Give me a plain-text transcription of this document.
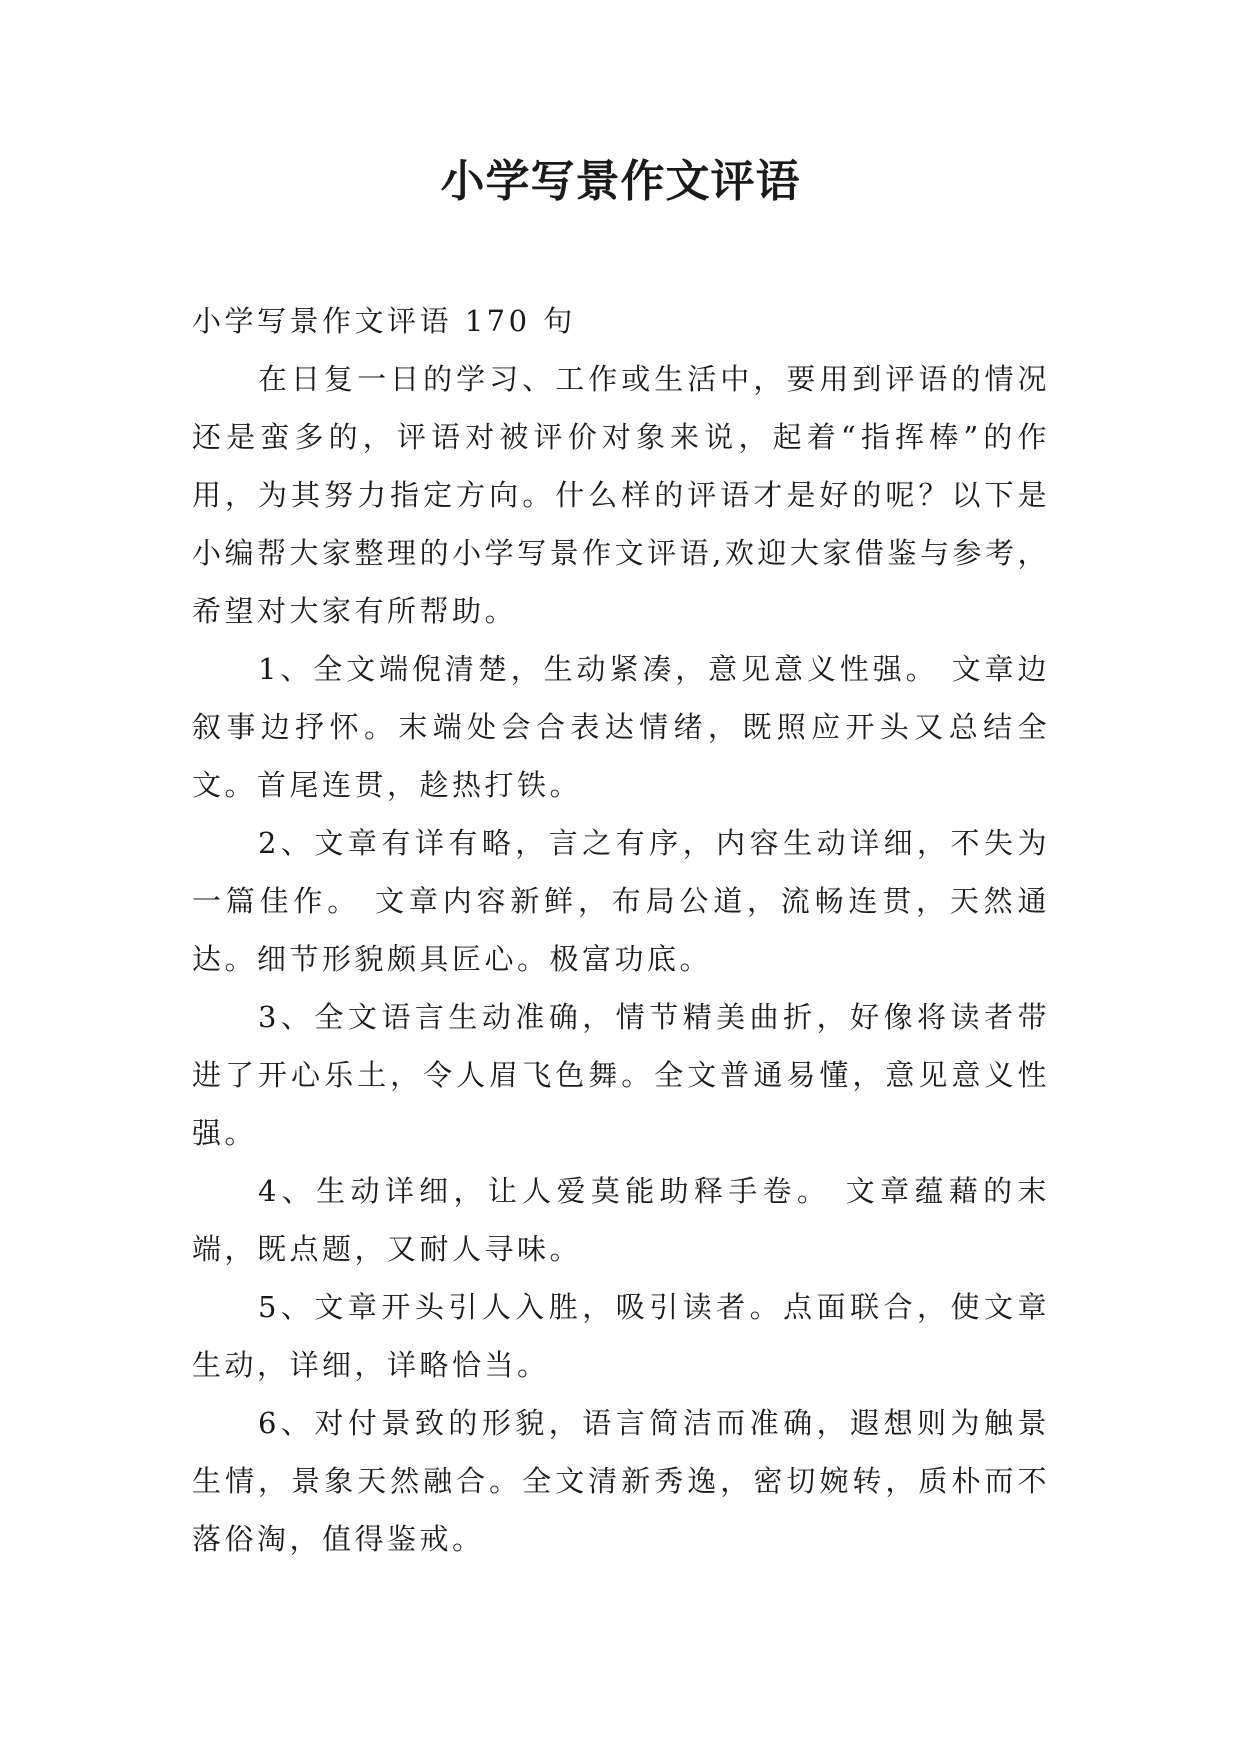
小学写景作文评语

小学写景作文评语 170 句

在日复一日的学习、工作或生活中，要用到评语的情况还是蛮多的，评语对被评价对象来说，起着“指挥棒”的作用，为其努力指定方向。什么样的评语才是好的呢？以下是小编帮大家整理的小学写景作文评语,欢迎大家借鉴与参考，希望对大家有所帮助。

1、全文端倪清楚，生动紧凑，意见意义性强。 文章边叙事边抒怀。末端处会合表达情绪，既照应开头又总结全文。首尾连贯，趁热打铁。

2、文章有详有略，言之有序，内容生动详细，不失为一篇佳作。 文章内容新鲜，布局公道，流畅连贯，天然通达。细节形貌颇具匠心。极富功底。

3、全文语言生动准确，情节精美曲折，好像将读者带进了开心乐土，令人眉飞色舞。全文普通易懂，意见意义性强。

4、生动详细，让人爱莫能助释手卷。 文章蕴藉的末端，既点题，又耐人寻味。

5、文章开头引人入胜，吸引读者。点面联合，使文章生动，详细，详略恰当。

6、对付景致的形貌，语言简洁而准确，遐想则为触景生情，景象天然融合。全文清新秀逸，密切婉转，质朴而不落俗淘，值得鉴戒。
